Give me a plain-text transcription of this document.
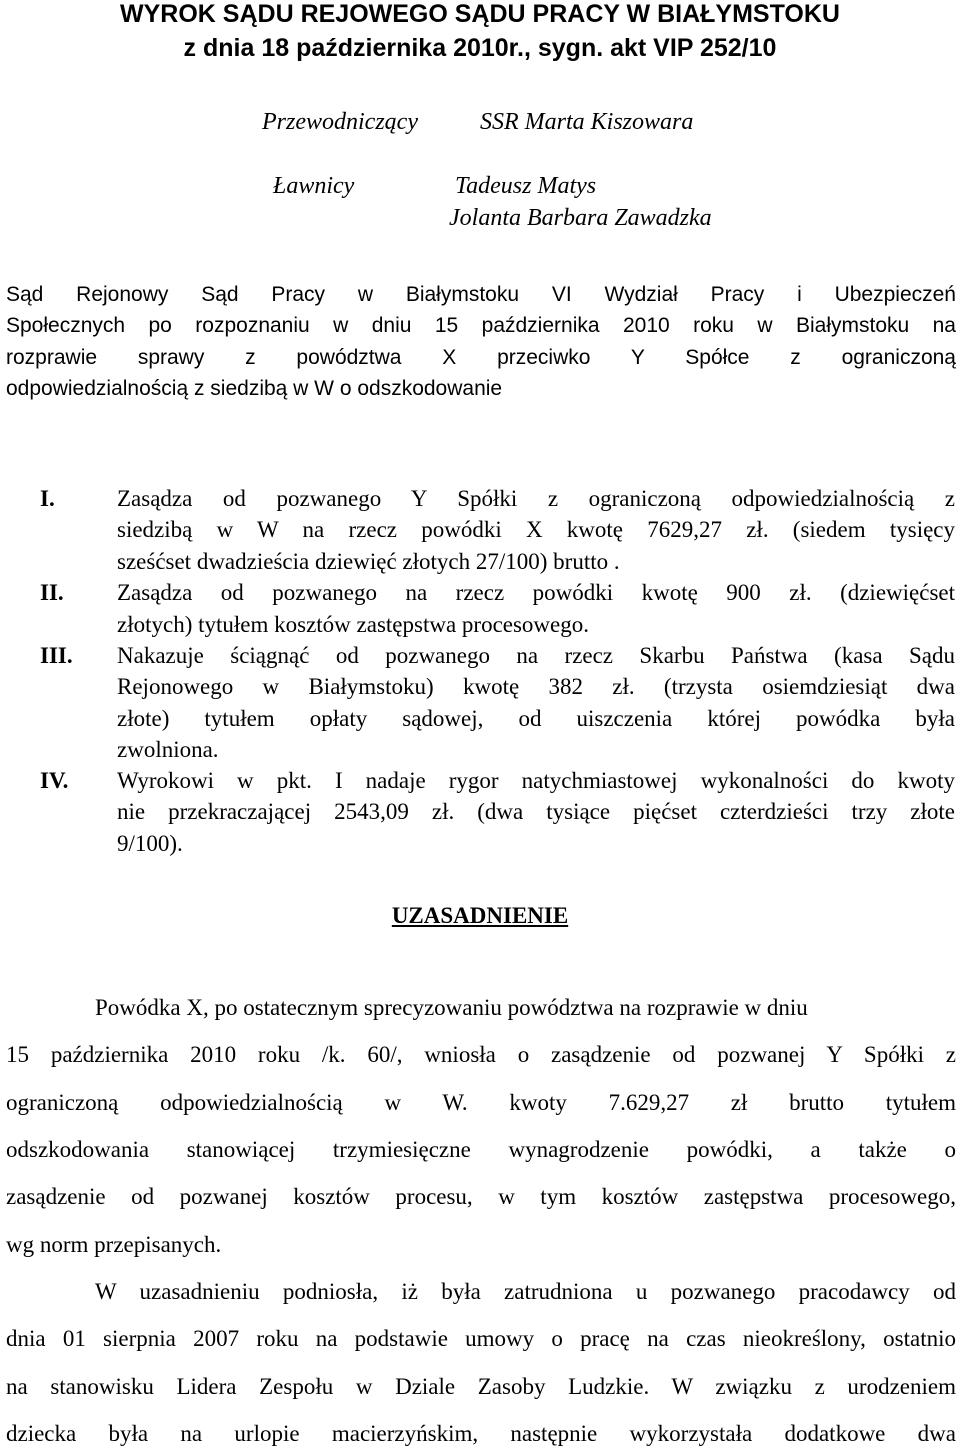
WYROK SĄDU REJOWEGO SĄDU PRACY W BIAŁYMSTOKU
z dnia 18 października 2010r., sygn. akt VIP 252/10
Przewodniczący	SSR Marta Kiszowara
Ławnicy	Tadeusz Matys
Jolanta Barbara Zawadzka
Sąd Rejonowy Sąd Pracy w Białymstoku VI Wydział Pracy i Ubezpieczeń
Społecznych po rozpoznaniu w dniu 15 października 2010 roku w Białymstoku na
rozprawie sprawy z powództwa X przeciwko Y Spółce z ograniczoną
odpowiedzialnością z siedzibą w W o odszkodowanie
I.	Zasądza od pozwanego Y Spółki z ograniczoną odpowiedzialnością z
siedzibą w W na rzecz powódki X kwotę 7629,27 zł. (siedem tysięcy
sześćset dwadzieścia dziewięć złotych 27/100) brutto .
II. Zasądza od pozwanego na rzecz powódki kwotę 900 zł. (dziewięćset
złotych) tytułem kosztów zastępstwa procesowego.
III. Nakazuje ściągnąć od pozwanego na rzecz Skarbu Państwa (kasa Sądu
Rejonowego w Białymstoku) kwotę 382 zł. (trzysta osiemdziesiąt dwa
złote) tytułem opłaty sądowej, od uiszczenia której powódka była
zwolniona.
IV. Wyrokowi w pkt. I nadaje rygor natychmiastowej wykonalności do kwoty
nie przekraczającej 2543,09 zł. (dwa tysiące pięćset czterdzieści trzy złote
9/100).
UZASADNIENIE
Powódka X, po ostatecznym sprecyzowaniu powództwa na rozprawie w dniu
15 października 2010 roku /k. 60/, wniosła o zasądzenie od pozwanej Y Spółki z
ograniczoną odpowiedzialnością w W. kwoty 7.629,27 zł brutto tytułem
odszkodowania stanowiącej trzymiesięczne wynagrodzenie powódki, a także o
zasądzenie od pozwanej kosztów procesu, w tym kosztów zastępstwa procesowego,
wg norm przepisanych.
W uzasadnieniu podniosła, iż była zatrudniona u pozwanego pracodawcy od
dnia 01 sierpnia 2007 roku na podstawie umowy o pracę na czas nieokreślony, ostatnio
na stanowisku Lidera Zespołu w Dziale Zasoby Ludzkie. W związku z urodzeniem
dziecka była na urlopie macierzyńskim, następnie wykorzystała dodatkowe dwa
